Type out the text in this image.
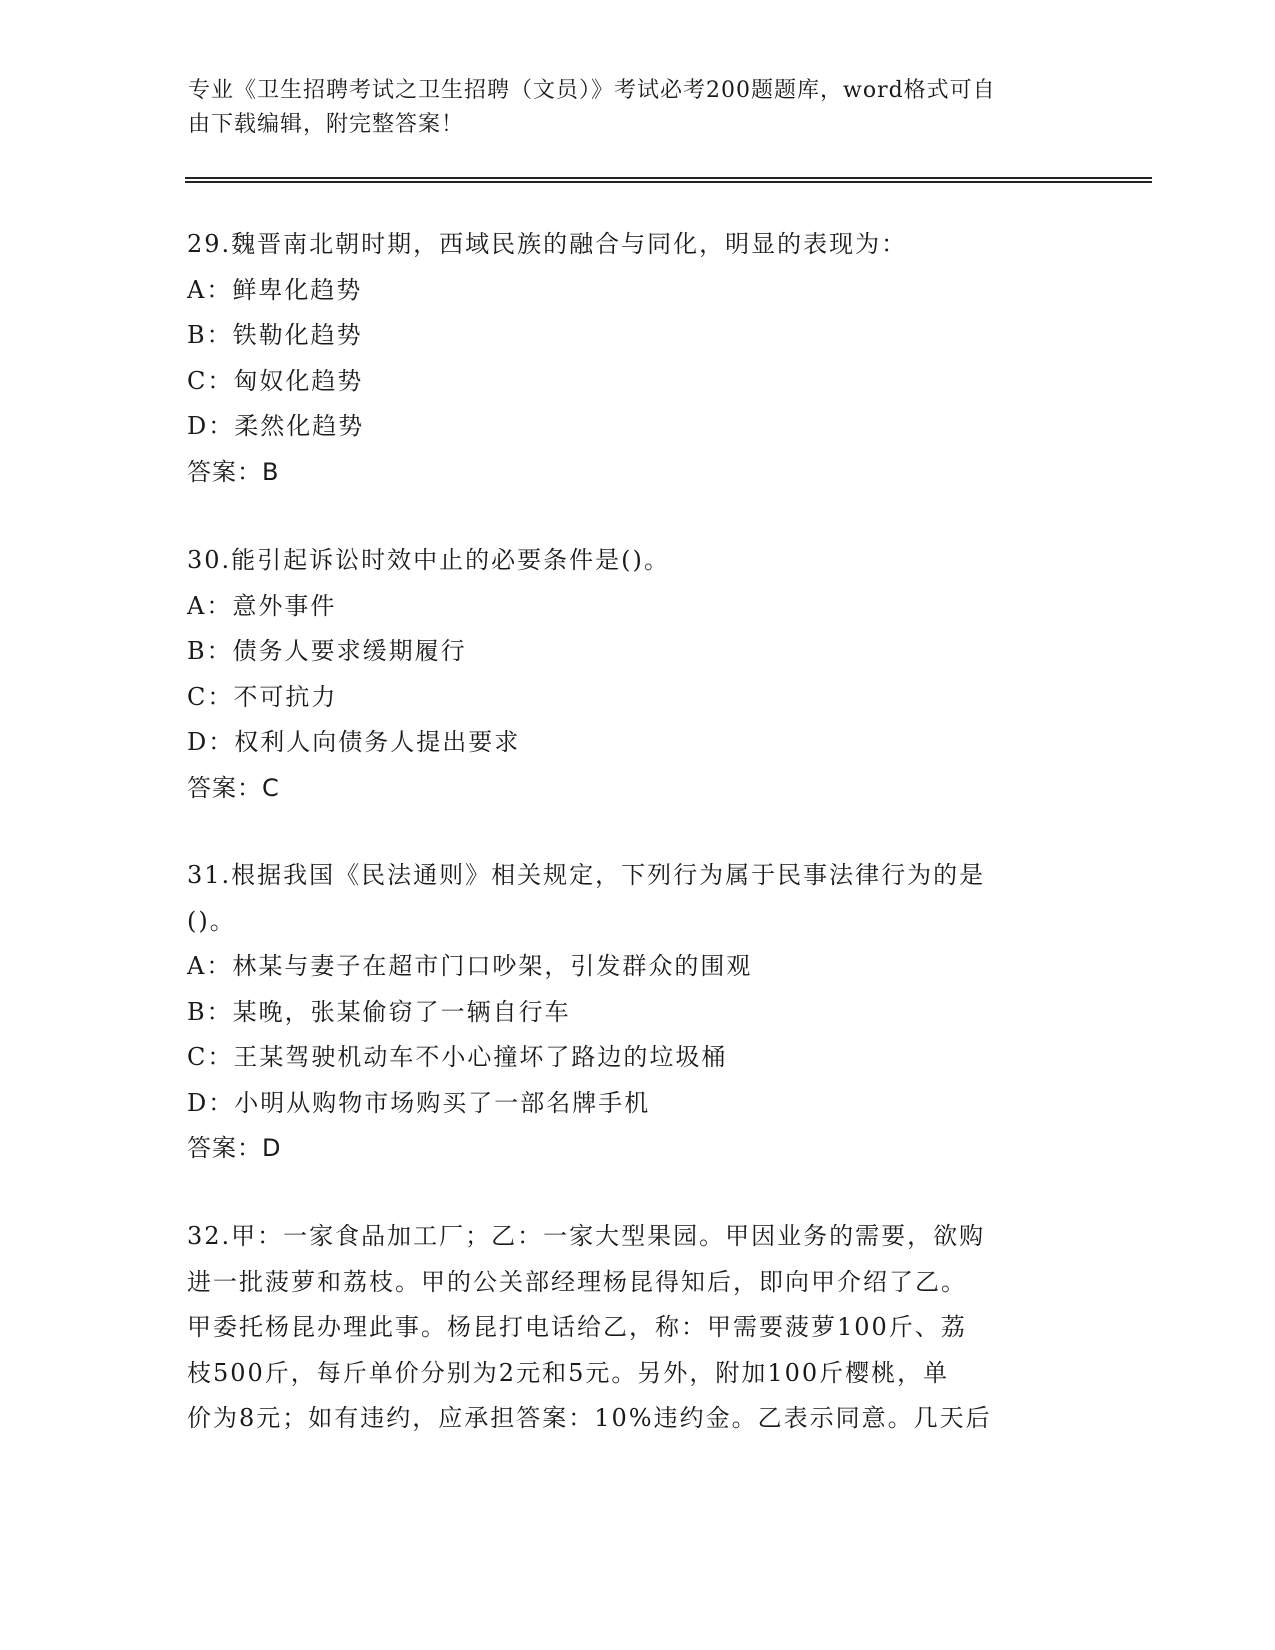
专业《卫生招聘考试之卫生招聘（文员）》考试必考200题题库，word格式可自
由下载编辑，附完整答案！
29.魏晋南北朝时期，西域民族的融合与同化，明显的表现为：
A：鲜卑化趋势
B：铁勒化趋势
C：匈奴化趋势
D：柔然化趋势
答案：B
30.能引起诉讼时效中止的必要条件是()。
A：意外事件
B：债务人要求缓期履行
C：不可抗力
D：权利人向债务人提出要求
答案：C
31.根据我国《民法通则》相关规定，下列行为属于民事法律行为的是
()。
A：林某与妻子在超市门口吵架，引发群众的围观
B：某晚，张某偷窃了一辆自行车
C：王某驾驶机动车不小心撞坏了路边的垃圾桶
D：小明从购物市场购买了一部名牌手机
答案：D
32.甲：一家食品加工厂；乙：一家大型果园。甲因业务的需要，欲购
进一批菠萝和荔枝。甲的公关部经理杨昆得知后，即向甲介绍了乙。
甲委托杨昆办理此事。杨昆打电话给乙，称：甲需要菠萝100斤、荔
枝500斤，每斤单价分别为2元和5元。另外，附加100斤樱桃，单
价为8元；如有违约，应承担答案：10%违约金。乙表示同意。几天后
